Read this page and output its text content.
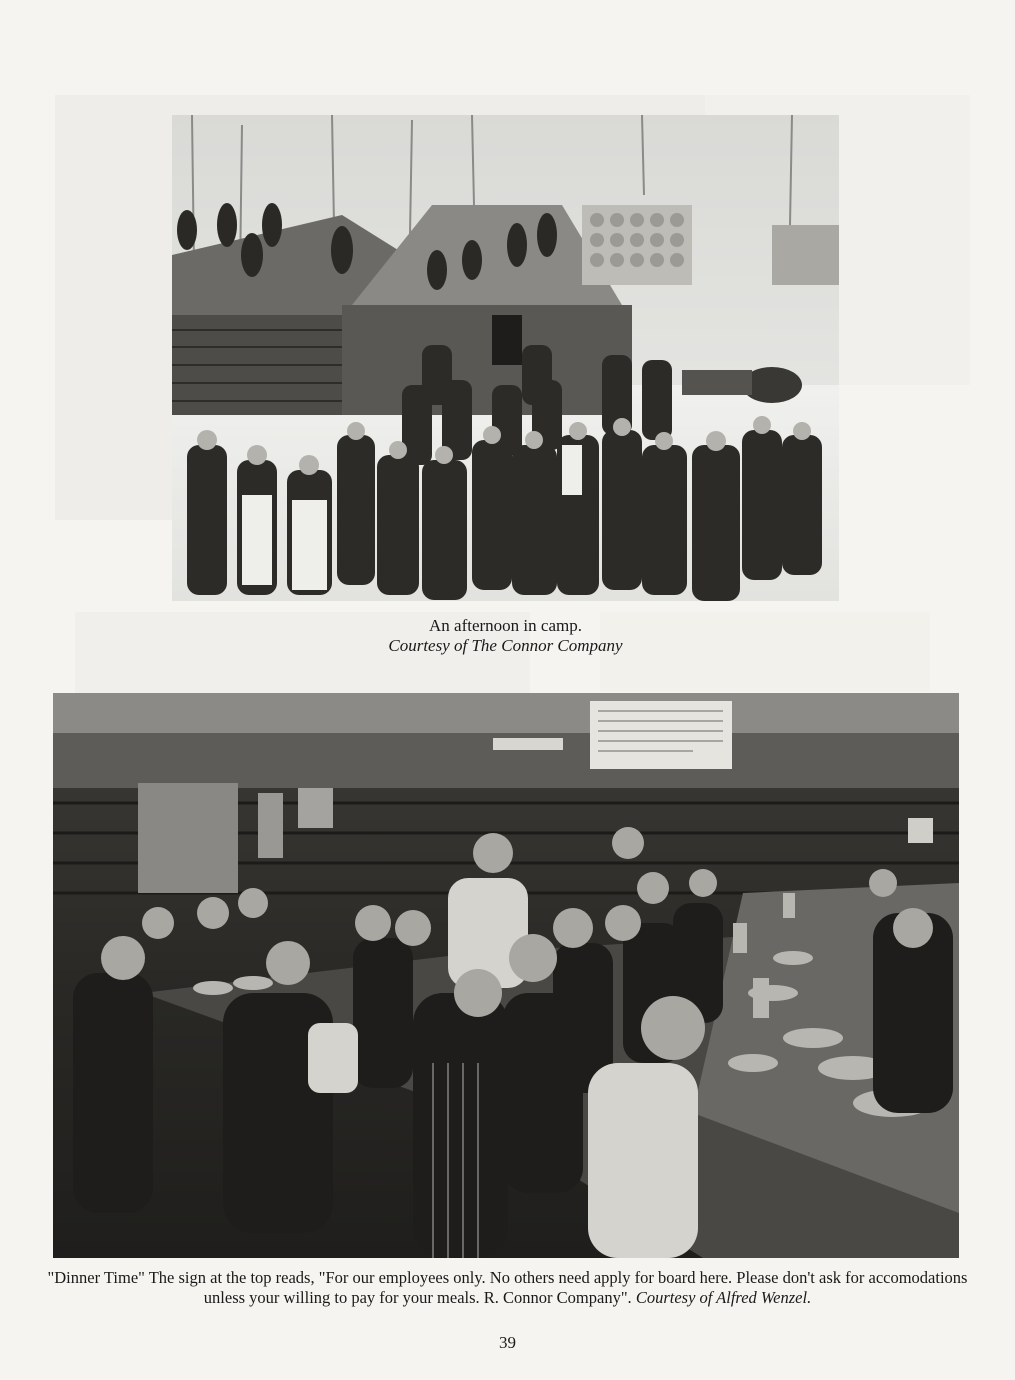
An afternoon in camp.
Courtesy of The Connor Company
"Dinner Time" The sign at the top reads, "For our employees only. No others need apply for board here. Please don't ask for accomodations unless your willing to pay for your meals. R. Connor Company". Courtesy of Alfred Wenzel.
39
